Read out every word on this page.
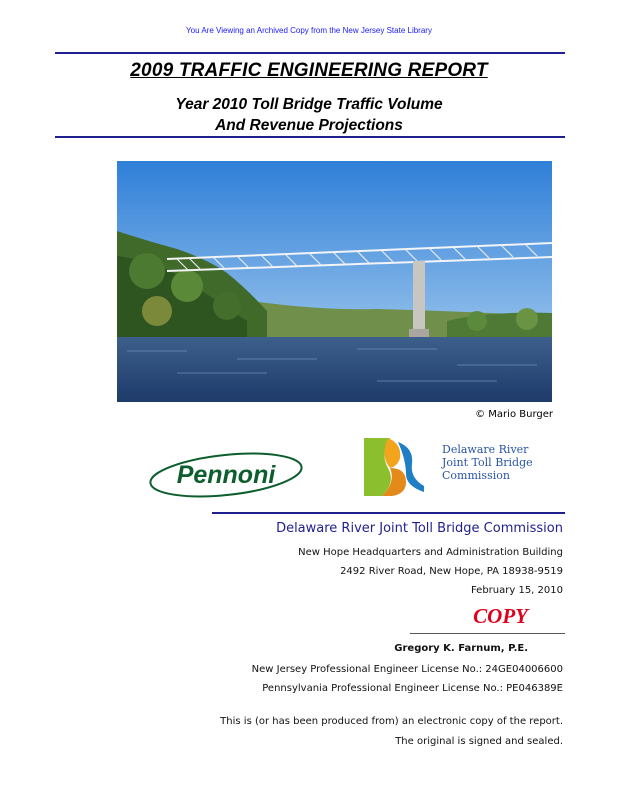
You Are Viewing an Archived Copy from the New Jersey State Library
2009 TRAFFIC ENGINEERING REPORT
Year 2010 Toll Bridge Traffic Volume
And Revenue Projections
© Mario Burger
Pennoni
Delaware River
Joint Toll Bridge
Commission
Delaware River Joint Toll Bridge Commission
New Hope Headquarters and Administration Building
2492 River Road, New Hope, PA 18938-9519
February 15, 2010
COPY
Gregory K. Farnum, P.E.
New Jersey Professional Engineer License No.: 24GE04006600
Pennsylvania Professional Engineer License No.: PE046389E
This is (or has been produced from) an electronic copy of the report.
The original is signed and sealed.
